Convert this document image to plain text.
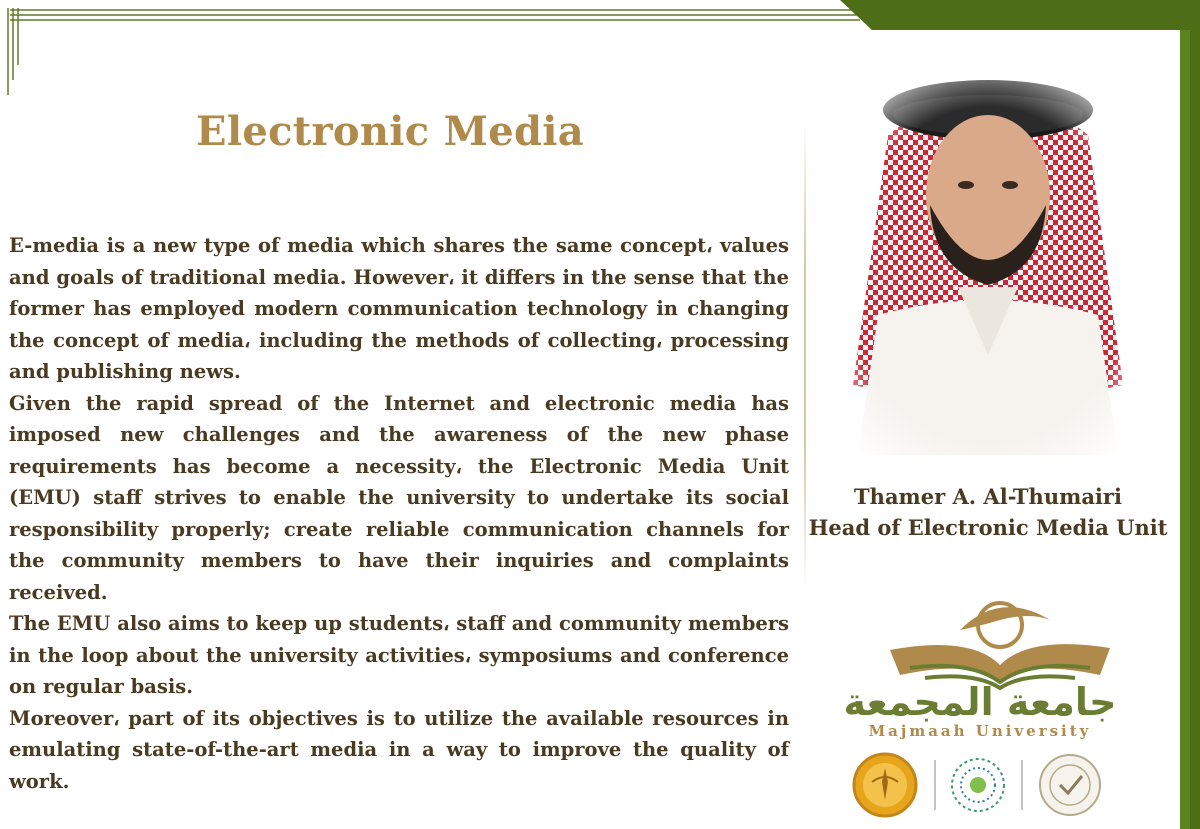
Electronic Media

E-media is a new type of media which shares the same concept، values and goals of traditional media. However، it differs in the sense that the former has employed modern communication technology in changing the concept of media، including the methods of collecting، processing and publishing news.

Given the rapid spread of the Internet and electronic media has imposed new challenges and the awareness of the new phase requirements has become a necessity، the Electronic Media Unit (EMU) staff strives to enable the university to undertake its social responsibility properly; create reliable communication channels for the community members to have their inquiries and complaints received.

The EMU also aims to keep up students، staff and community members in the loop about the university activities، symposiums and conference on regular basis.

Moreover، part of its objectives is to utilize the available resources in emulating state-of-the-art media in a way to improve the quality of work.

Thamer A. Al-Thumairi
Head of Electronic Media Unit
جامعة المجمعة
Majmaah University
